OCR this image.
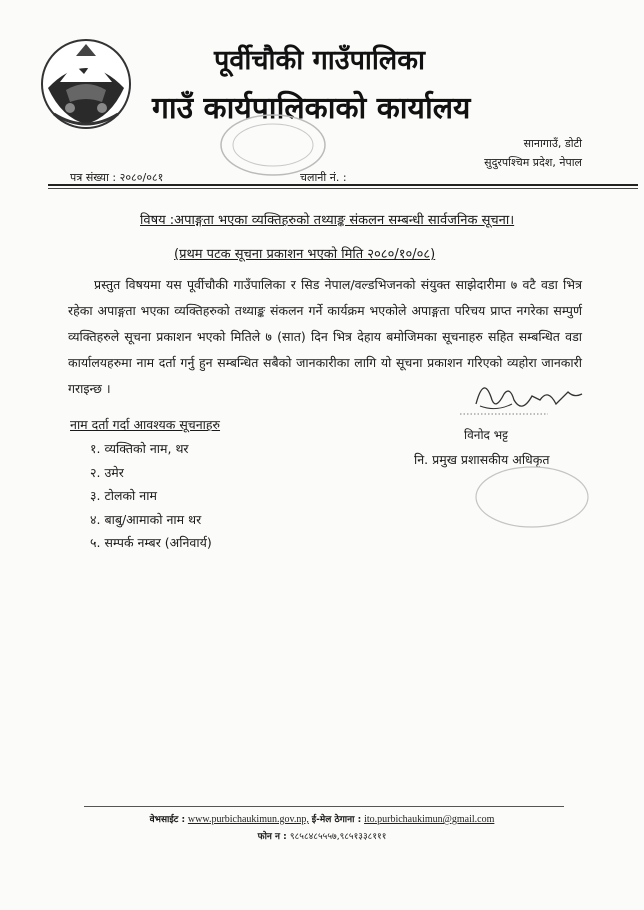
पूर्वीचौकी गाउँपालिका
गाउँ कार्यपालिकाको कार्यालय
सानागाउँ, डोटी
सुदुरपश्चिम प्रदेश, नेपाल
पत्र संख्या : २०८०/०८१	चलानी नं. :
विषय :अपाङ्गता भएका व्यक्तिहरुको तथ्याङ्क संकलन सम्बन्धी सार्वजनिक सूचना।
(प्रथम पटक सूचना प्रकाशन भएको मिति २०८०/१०/०८)

प्रस्तुत विषयमा यस पूर्वीचौकी गाउँपालिका र सिड नेपाल/वल्डभिजनको संयुक्त साझेदारीमा ७ वटै वडा भित्र रहेका अपाङ्गता भएका व्यक्तिहरुको तथ्याङ्क संकलन गर्ने कार्यक्रम भएकोले अपाङ्गता परिचय प्राप्त नगरेका सम्पुर्ण व्यक्तिहरुले सूचना प्रकाशन भएको मितिले ७ (सात) दिन भित्र देहाय बमोजिमका सूचनाहरु सहित सम्बन्धित वडा कार्यालयहरुमा नाम दर्ता गर्नु हुन सम्बन्धित सबैको जानकारीका लागि यो सूचना प्रकाशन गरिएको व्यहोरा जानकारी गराइन्छ ।

विनोद भट्ट
नि. प्रमुख प्रशासकीय अधिकृत
नाम दर्ता गर्दा आवश्यक सूचनाहरु
१. व्यक्तिको नाम, थर
२. उमेर
३. टोलको नाम
४. बाबु/आमाको नाम थर
५. सम्पर्क नम्बर (अनिवार्य)
वेभसाईट : www.purbichaukimun.gov.np, ई-मेल ठेगाना : ito.purbichaukimun@gmail.com
फोन न : ९८५८४८५५५७,९८५१३३८१११
